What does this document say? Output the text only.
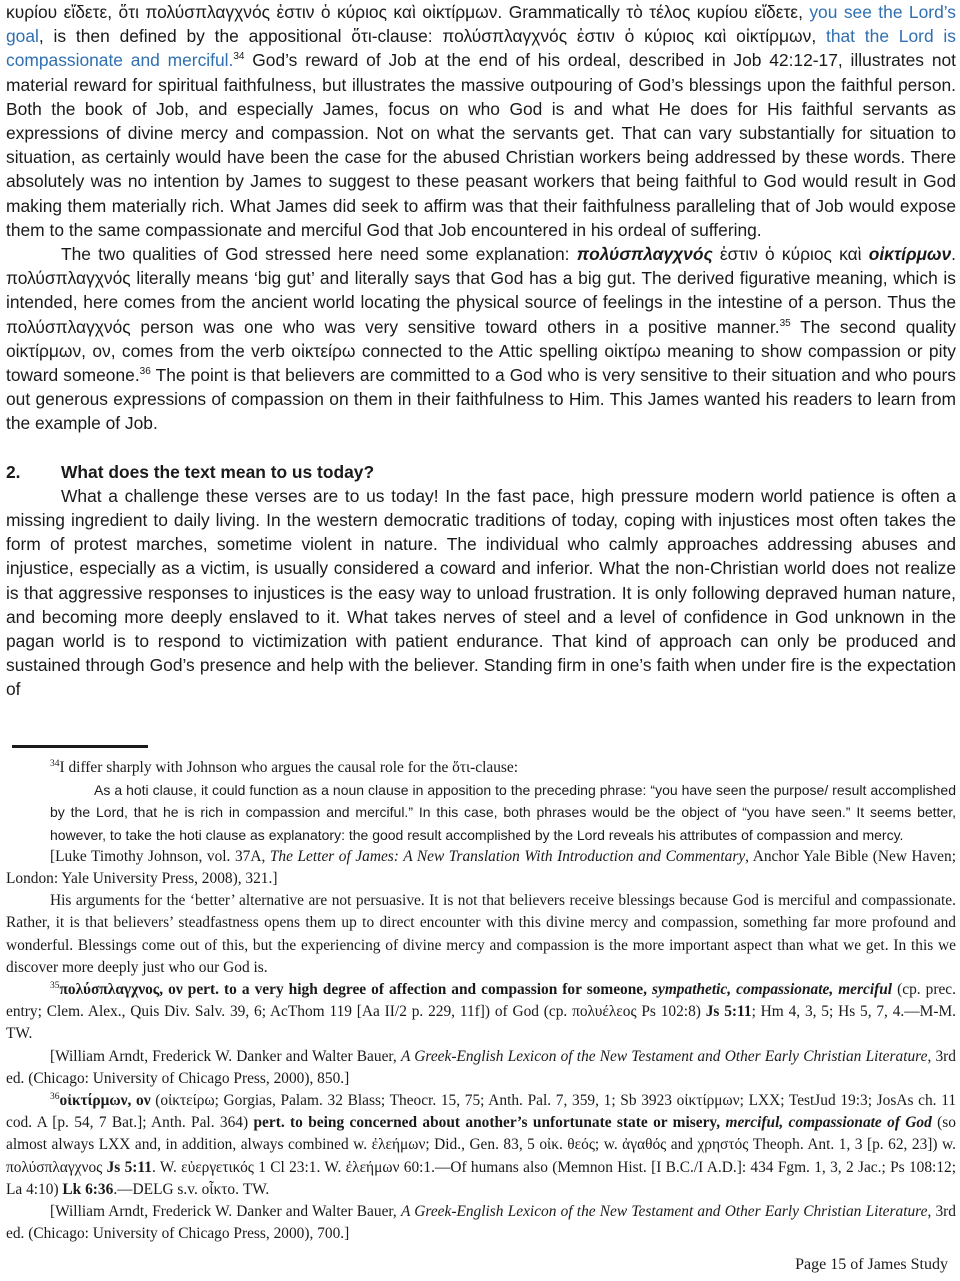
κυρίου εἴδετε, ὅτι πολύσπλαγχνός ἐστιν ὁ κύριος καὶ οἰκτίρμων. Grammatically τὸ τέλος κυρίου εἴδετε, you see the Lord’s goal, is then defined by the appositional ὅτι-clause: πολύσπλαγχνός ἐστιν ὁ κύριος καὶ οἰκτίρμων, that the Lord is compassionate and merciful.$^{34}$ God’s reward of Job at the end of his ordeal, described in Job 42:12-17, illustrates not material reward for spiritual faithfulness, but illustrates the massive outpouring of God’s blessings upon the faithful person. Both the book of Job, and especially James, focus on who God is and what He does for His faithful servants as expressions of divine mercy and compassion. Not on what the servants get. That can vary substantially for situation to situation, as certainly would have been the case for the abused Christian workers being addressed by these words. There absolutely was no intention by James to suggest to these peasant workers that being faithful to God would result in God making them materially rich. What James did seek to affirm was that their faithfulness paralleling that of Job would expose them to the same compassionate and merciful God that Job encountered in his ordeal of suffering.

The two qualities of God stressed here need some explanation: πολύσπλαγχνός ἐστιν ὁ κύριος καὶ οἰκτίρμων. πολύσπλαγχνός literally means ‘big gut’ and literally says that God has a big gut. The derived figurative meaning, which is intended, here comes from the ancient world locating the physical source of feelings in the intestine of a person. Thus the πολύσπλαγχνός person was one who was very sensitive toward others in a positive manner.$^{35}$ The second quality οἰκτίρμων, ον, comes from the verb οἰκτείρω connected to the Attic spelling οἰκτίρω meaning to show compassion or pity toward someone.$^{36}$ The point is that believers are committed to a God who is very sensitive to their situation and who pours out generous expressions of compassion on them in their faithfulness to Him. This James wanted his readers to learn from the example of Job.

2.	What does the text mean to us today?

What a challenge these verses are to us today! In the fast pace, high pressure modern world patience is often a missing ingredient to daily living. In the western democratic traditions of today, coping with injustices most often takes the form of protest marches, sometime violent in nature. The individual who calmly approaches addressing abuses and injustice, especially as a victim, is usually considered a coward and inferior. What the non-Christian world does not realize is that aggressive responses to injustices is the easy way to unload frustration. It is only following depraved human nature, and becoming more deeply enslaved to it. What takes nerves of steel and a level of confidence in God unknown in the pagan world is to respond to victimization with patient endurance. That kind of approach can only be produced and sustained through God’s presence and help with the believer. Standing firm in one’s faith when under fire is the expectation of

$^{34}$I differ sharply with Johnson who argues the causal role for the ὅτι-clause:

As a hoti clause, it could function as a noun clause in apposition to the preceding phrase: “you have seen the purpose/ result accomplished by the Lord, that he is rich in compassion and merciful.” In this case, both phrases would be the object of “you have seen.” It seems better, however, to take the hoti clause as explanatory: the good result accomplished by the Lord reveals his attributes of compassion and mercy.

[Luke Timothy Johnson, vol. 37A, The Letter of James: A New Translation With Introduction and Commentary, Anchor Yale Bible (New Haven; London: Yale University Press, 2008), 321.]

His arguments for the ‘better’ alternative are not persuasive. It is not that believers receive blessings because God is merciful and compassionate. Rather, it is that believers’ steadfastness opens them up to direct encounter with this divine mercy and compassion, something far more profound and wonderful. Blessings come out of this, but the experiencing of divine mercy and compassion is the more important aspect than what we get. In this we discover more deeply just who our God is.

$^{35}$πολύσπλαγχνος, ον pert. to a very high degree of affection and compassion for someone, sympathetic, compassionate, merciful (cp. prec. entry; Clem. Alex., Quis Div. Salv. 39, 6; AcThom 119 [Aa II/2 p. 229, 11f]) of God (cp. πολυέλεος Ps 102:8) Js 5:11; Hm 4, 3, 5; Hs 5, 7, 4.—M-M. TW.

[William Arndt, Frederick W. Danker and Walter Bauer, A Greek-English Lexicon of the New Testament and Other Early Christian Literature, 3rd ed. (Chicago: University of Chicago Press, 2000), 850.]

$^{36}$οἰκτίρμων, ον (οἰκτείρω; Gorgias, Palam. 32 Blass; Theocr. 15, 75; Anth. Pal. 7, 359, 1; Sb 3923 οἰκτίρμων; LXX; TestJud 19:3; JosAs ch. 11 cod. A [p. 54, 7 Bat.]; Anth. Pal. 364) pert. to being concerned about another’s unfortunate state or misery, merciful, compassionate of God (so almost always LXX and, in addition, always combined w. ἐλεήμων; Did., Gen. 83, 5 οἰκ. θεός; w. ἀγαθός and χρηστός Theoph. Ant. 1, 3 [p. 62, 23]) w. πολύσπλαγχνος Js 5:11. W. εὐεργετικός 1 Cl 23:1. W. ἐλεήμων 60:1.—Of humans also (Memnon Hist. [I B.C./I A.D.]: 434 Fgm. 1, 3, 2 Jac.; Ps 108:12; La 4:10) Lk 6:36.—DELG s.v. οἶκτο. TW.

[William Arndt, Frederick W. Danker and Walter Bauer, A Greek-English Lexicon of the New Testament and Other Early Christian Literature, 3rd ed. (Chicago: University of Chicago Press, 2000), 700.]

Page 15 of James Study
